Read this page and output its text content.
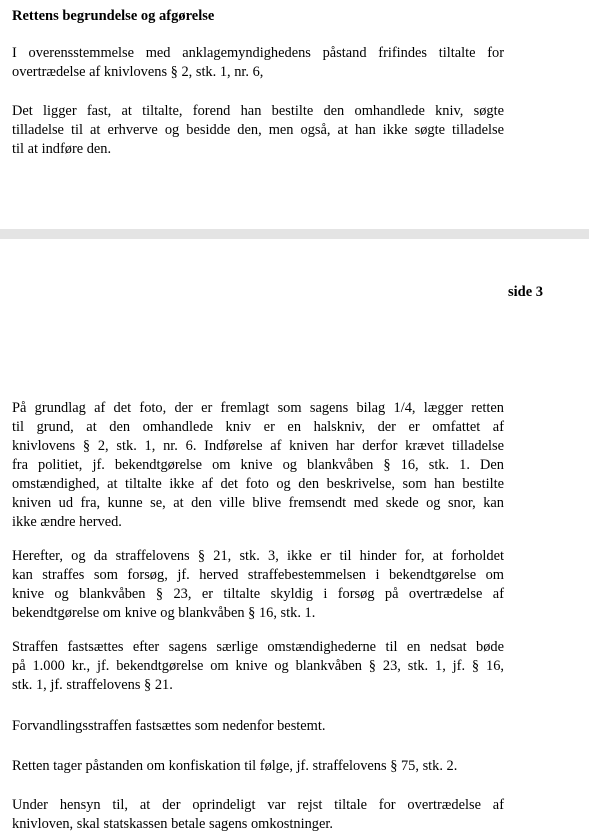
Rettens begrundelse og afgørelse
I overensstemmelse med anklagemyndighedens påstand frifindes tiltalte for
overtrædelse af knivlovens § 2, stk. 1, nr. 6,
Det ligger fast, at tiltalte, forend han bestilte den omhandlede kniv, søgte
tilladelse til at erhverve og besidde den, men også, at han ikke søgte tilladelse
til at indføre den.
side 3
På grundlag af det foto, der er fremlagt som sagens bilag 1/4, lægger retten
til grund, at den omhandlede kniv er en halskniv, der er omfattet af
knivlovens § 2, stk. 1, nr. 6. Indførelse af kniven har derfor krævet tilladelse
fra politiet, jf. bekendtgørelse om knive og blankvåben § 16, stk. 1. Den
omstændighed, at tiltalte ikke af det foto og den beskrivelse, som han bestilte
kniven ud fra, kunne se, at den ville blive fremsendt med skede og snor, kan
ikke ændre herved.
Herefter, og da straffelovens § 21, stk. 3, ikke er til hinder for, at forholdet
kan straffes som forsøg, jf. herved straffebestemmelsen i bekendtgørelse om
knive og blankvåben § 23, er tiltalte skyldig i forsøg på overtrædelse af
bekendtgørelse om knive og blankvåben § 16, stk. 1.
Straffen fastsættes efter sagens særlige omstændighederne til en nedsat bøde
på 1.000 kr., jf. bekendtgørelse om knive og blankvåben § 23, stk. 1, jf. § 16,
stk. 1, jf. straffelovens § 21.
Forvandlingsstraffen fastsættes som nedenfor bestemt.
Retten tager påstanden om konfiskation til følge, jf. straffelovens § 75, stk. 2.
Under hensyn til, at der oprindeligt var rejst tiltale for overtrædelse af
knivloven, skal statskassen betale sagens omkostninger.
